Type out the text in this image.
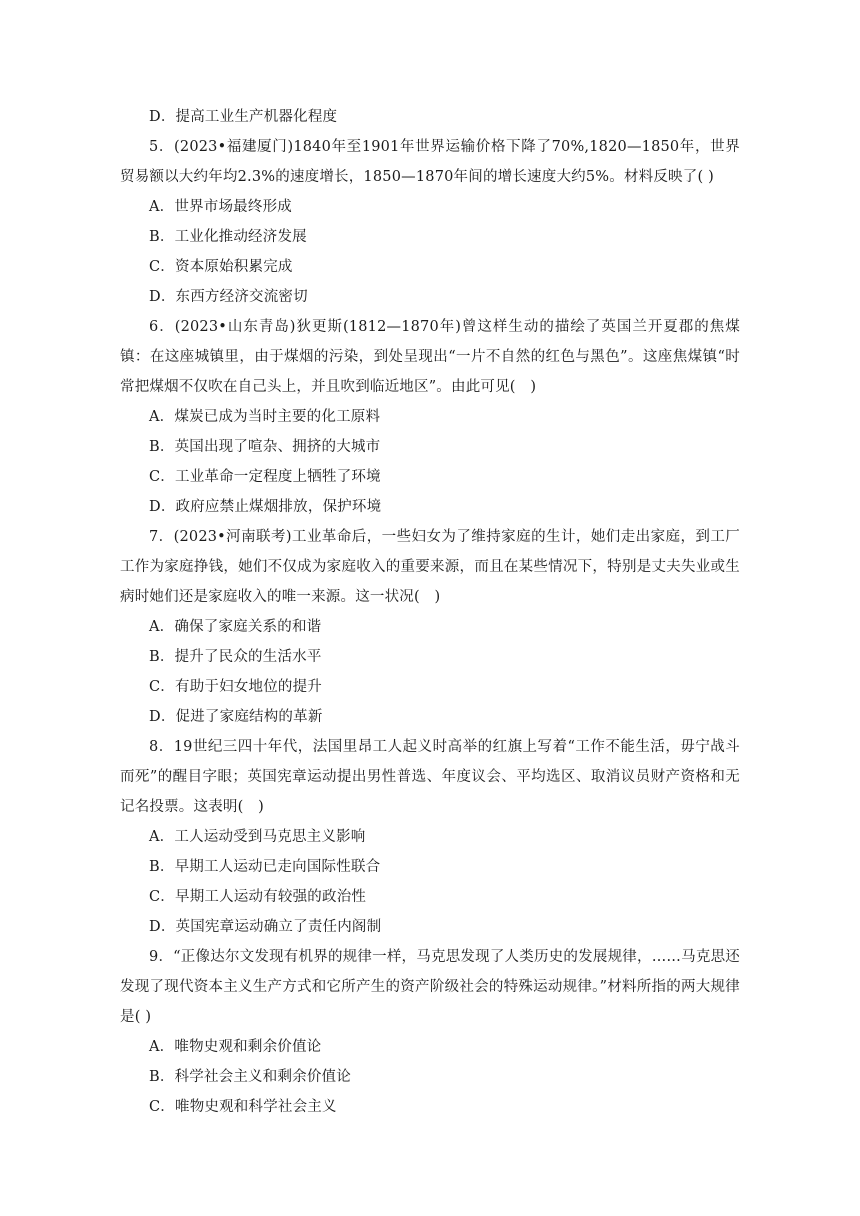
D．提高工业生产机器化程度

5．(2023•福建厦门)1840年至1901年世界运输价格下降了70%,1820—1850年，世界贸易额以大约年均2.3%的速度增长，1850—1870年间的增长速度大约5%。材料反映了( )

A．世界市场最终形成

B．工业化推动经济发展

C．资本原始积累完成

D．东西方经济交流密切

6．(2023•山东青岛)狄更斯(1812—1870年)曾这样生动的描绘了英国兰开夏郡的焦煤镇：在这座城镇里，由于煤烟的污染，到处呈现出“一片不自然的红色与黑色”。这座焦煤镇“时常把煤烟不仅吹在自己头上，并且吹到临近地区”。由此可见(　)

A．煤炭已成为当时主要的化工原料

B．英国出现了喧杂、拥挤的大城市

C．工业革命一定程度上牺牲了环境

D．政府应禁止煤烟排放，保护环境

7．(2023•河南联考)工业革命后，一些妇女为了维持家庭的生计，她们走出家庭，到工厂工作为家庭挣钱，她们不仅成为家庭收入的重要来源，而且在某些情况下，特别是丈夫失业或生病时她们还是家庭收入的唯一来源。这一状况(　)

A．确保了家庭关系的和谐

B．提升了民众的生活水平

C．有助于妇女地位的提升

D．促进了家庭结构的革新

8．19世纪三四十年代，法国里昂工人起义时高举的红旗上写着“工作不能生活，毋宁战斗而死”的醒目字眼；英国宪章运动提出男性普选、年度议会、平均选区、取消议员财产资格和无记名投票。这表明(　)

A．工人运动受到马克思主义影响

B．早期工人运动已走向国际性联合

C．早期工人运动有较强的政治性

D．英国宪章运动确立了责任内阁制

9．“正像达尔文发现有机界的规律一样，马克思发现了人类历史的发展规律，……马克思还发现了现代资本主义生产方式和它所产生的资产阶级社会的特殊运动规律。”材料所指的两大规律是( )

A．唯物史观和剩余价值论

B．科学社会主义和剩余价值论

C．唯物史观和科学社会主义
